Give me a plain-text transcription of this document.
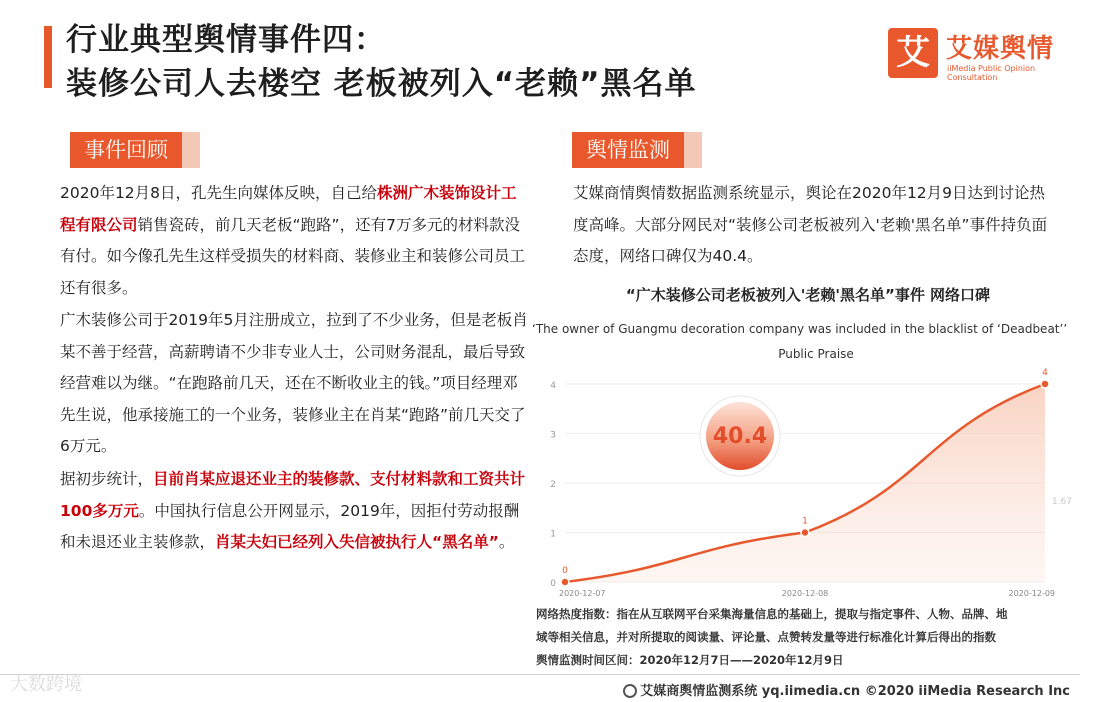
行业典型舆情事件四：
装修公司人去楼空 老板被列入“老赖”黑名单
艾 艾媒舆情
iiMedia Public Opinion Consultation
事件回顾	舆情监测
2020年12月8日，孔先生向媒体反映，自己给株洲广木装饰设计工程有限公司销售瓷砖，前几天老板“跑路”，还有7万多元的材料款没有付。如今像孔先生这样受损失的材料商、装修业主和装修公司员工还有很多。
广木装修公司于2019年5月注册成立，拉到了不少业务，但是老板肖某不善于经营，高薪聘请不少非专业人士，公司财务混乱，最后导致经营难以为继。“在跑路前几天，还在不断收业主的钱。”项目经理邓先生说，他承接施工的一个业务，装修业主在肖某“跑路”前几天交了6万元。
据初步统计，目前肖某应退还业主的装修款、支付材料款和工资共计100多万元。中国执行信息公开网显示，2019年，因拒付劳动报酬和未退还业主装修款，肖某夫妇已经列入失信被执行人“黑名单”。
艾媒商情舆情数据监测系统显示，舆论在2020年12月9日达到讨论热度高峰。大部分网民对“装修公司老板被列入'老赖'黑名单”事件持负面态度，网络口碑仅为40.4。
“广木装修公司老板被列入'老赖'黑名单”事件 网络口碑
‘The owner of Guangmu decoration company was included in the blacklist of ‘Deadbeat’’
Public Praise
0
1
2
3
4
0
1
4
2020-12-07	2020-12-08	2020-12-09
1.67
40.4
网络热度指数：指在从互联网平台采集海量信息的基础上，提取与指定事件、人物、品牌、地
域等相关信息，并对所提取的阅读量、评论量、点赞转发量等进行标准化计算后得出的指数
舆情监测时间区间：2020年12月7日——2020年12月9日
大数跨境	艾媒商舆情监测系统 yq.iimedia.cn ©2020 iiMedia Research Inc
